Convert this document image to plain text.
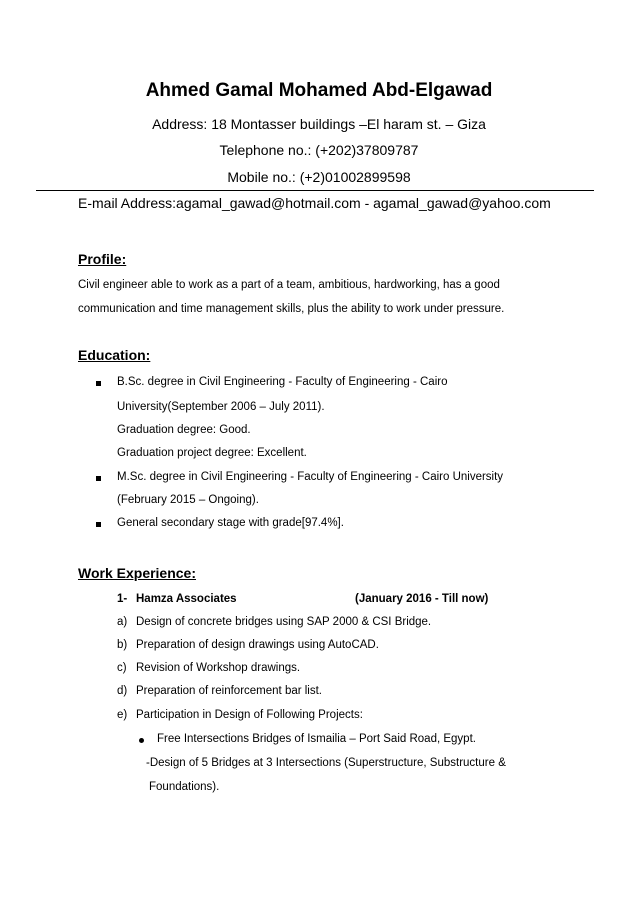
Ahmed Gamal Mohamed Abd-Elgawad
Address: 18 Montasser buildings –El haram st. – Giza
Telephone no.: (+202)37809787
Mobile no.: (+2)01002899598
E-mail Address:agamal_gawad@hotmail.com - agamal_gawad@yahoo.com
Profile:
Civil engineer able to work as a part of a team, ambitious, hardworking, has a good
communication and time management skills, plus the ability to work under pressure.
Education:
B.Sc. degree in Civil Engineering - Faculty of Engineering - Cairo
University(September 2006 – July 2011).
Graduation degree: Good.
Graduation project degree: Excellent.
M.Sc. degree in Civil Engineering - Faculty of Engineering - Cairo University
(February 2015 – Ongoing).
General secondary stage with grade[97.4%].
Work Experience:
1- Hamza Associates	(January 2016 - Till now)
a) Design of concrete bridges using SAP 2000 & CSI Bridge.
b) Preparation of design drawings using AutoCAD.
c) Revision of Workshop drawings.
d) Preparation of reinforcement bar list.
e) Participation in Design of Following Projects:
Free Intersections Bridges of Ismailia – Port Said Road, Egypt.
-Design of 5 Bridges at 3 Intersections (Superstructure, Substructure &
Foundations).
